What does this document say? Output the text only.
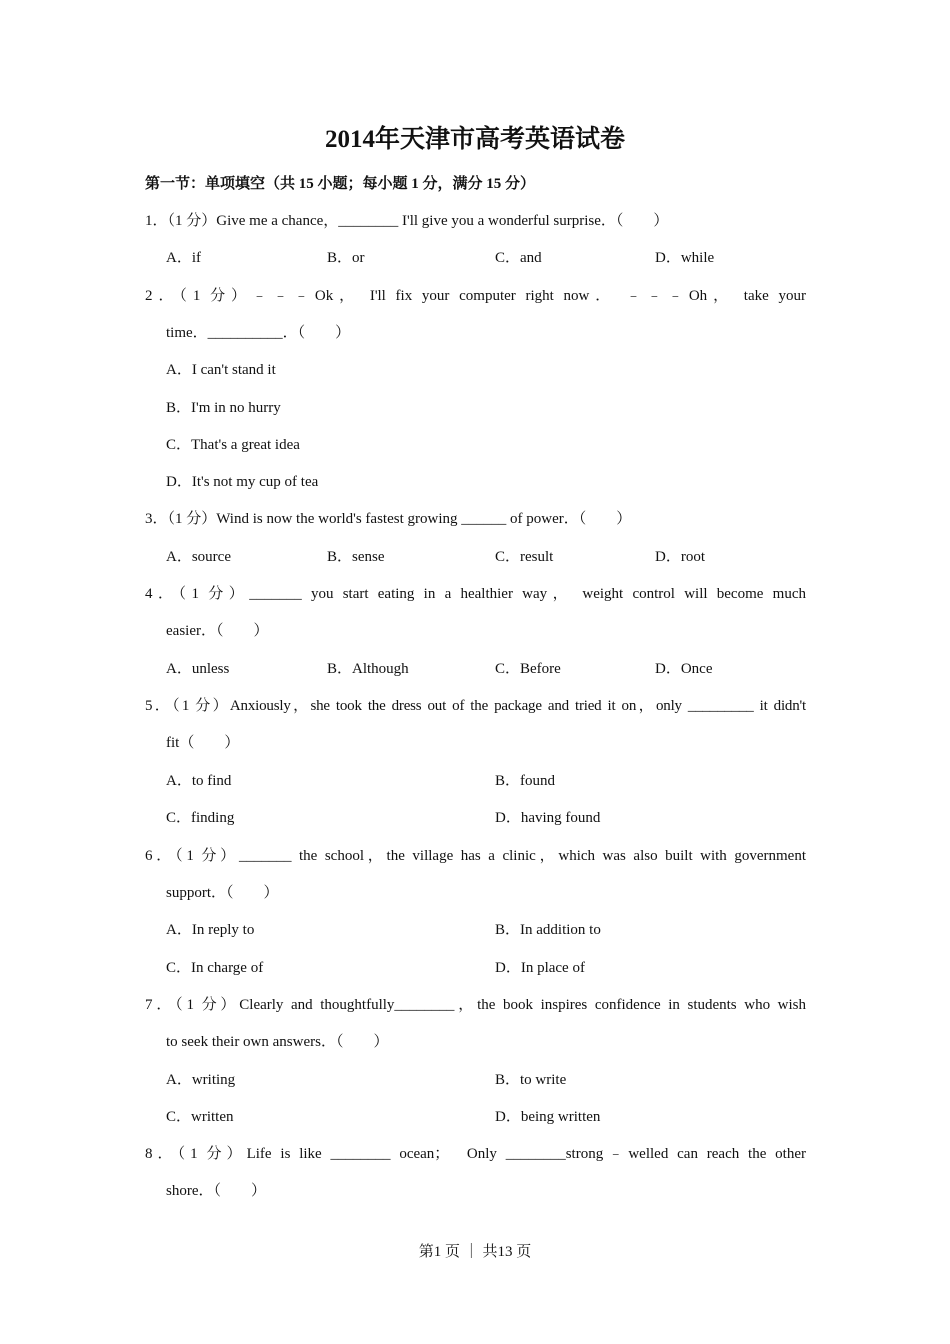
2014年天津市高考英语试卷
第一节：单项填空（共 15 小题；每小题 1 分，满分 15 分）
1．（1 分）Give me a chance，________ I'll give you a wonderful surprise．（　　）
A．if	B．or	C．and	D．while
2．（1 分）﹣﹣﹣Ok， I'll fix your computer right now． ﹣﹣﹣Oh， take your
time．__________．（　　）
A．I can't stand it
B．I'm in no hurry
C．That's a great idea
D．It's not my cup of tea
3．（1 分）Wind is now the world's fastest growing ______ of power．（　　）
A．source	B．sense	C．result	D．root
4．（1 分）_______ you start eating in a healthier way， weight control will become much
easier．（　　）
A．unless	B．Although	C．Before	D．Once
5．（1 分）Anxiously，she took the dress out of the package and tried it on，only _________ it didn't
fit（　　）
A．to find	B．found
C．finding	D．having found
6．（1 分）_______ the school，the village has a clinic，which was also built with government
support．（　　）
A．In reply to	B．In addition to
C．In charge of	D．In place of
7．（1 分）Clearly and thoughtfully________，the book inspires confidence in students who wish
to seek their own answers．（　　）
A．writing	B．to write
C．written	D．being written
8．（1 分）Life is like ________ ocean；　Only ________strong﹣welled can reach the other
shore．（　　）
第1 页 ｜ 共13 页
